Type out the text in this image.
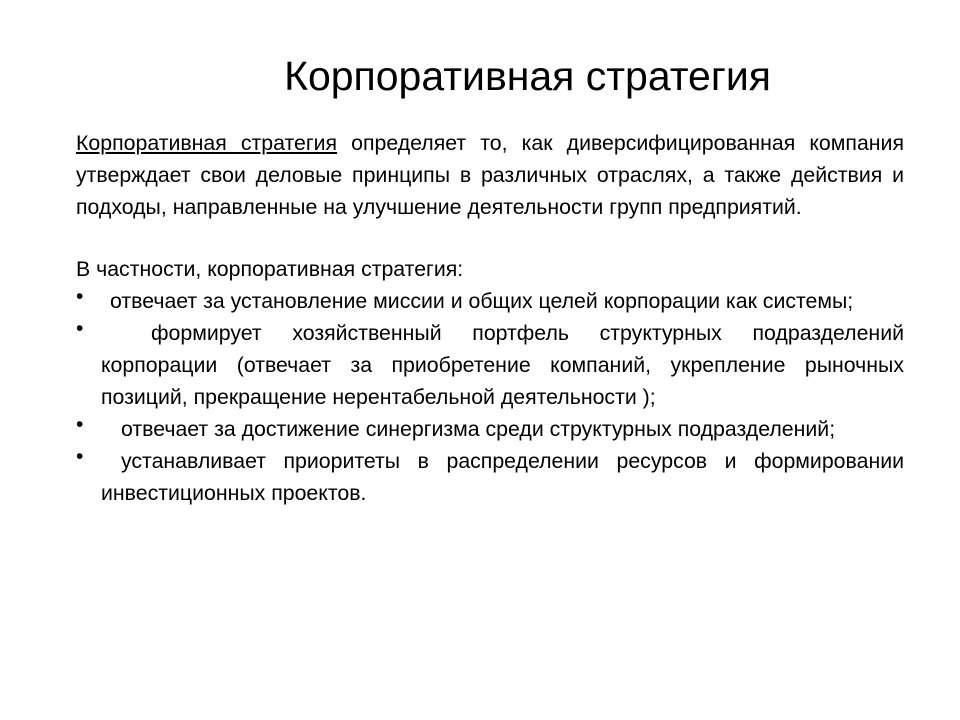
Корпоративная стратегия

Корпоративная стратегия определяет то, как диверсифицированная компания утверждает свои деловые принципы в различных отраслях, а также действия и подходы, направленные на улучшение деятельности групп предприятий.

В частности, корпоративная стратегия:

• отвечает за установление миссии и общих целей корпорации как системы;

•	формирует хозяйственный портфель структурных подразделений корпорации (отвечает за приобретение компаний, укрепление рыночных позиций, прекращение нерентабельной деятельности );

• отвечает за достижение синергизма среди структурных подразделений;

• устанавливает приоритеты в распределении ресурсов и формировании инвестиционных проектов.
